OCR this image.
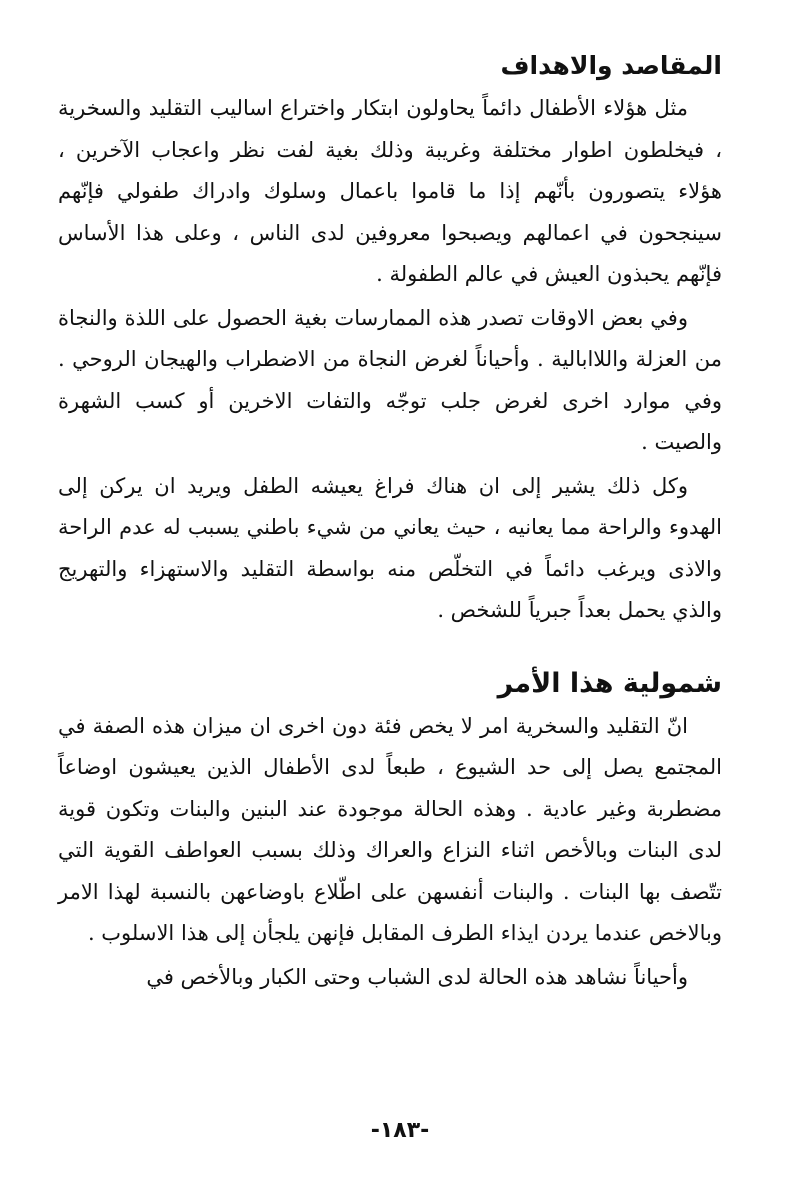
المقاصد والاهداف

مثل هؤلاء الأطفال دائماً يحاولون ابتكار واختراع اساليب التقليد والسخرية ، فيخلطون اطوار مختلفة وغريبة وذلك بغية لفت نظر واعجاب الآخرين ، هؤلاء يتصورون بأنّهم إذا ما قاموا باعمال وسلوك وادراك طفولي فإنّهم سينجحون في اعمالهم ويصبحوا معروفين لدى الناس ، وعلى هذا الأساس فإنّهم يحبذون العيش في عالم الطفولة .

وفي بعض الاوقات تصدر هذه الممارسات بغية الحصول على اللذة والنجاة من العزلة واللاابالية . وأحياناً لغرض النجاة من الاضطراب والهيجان الروحي . وفي موارد اخرى لغرض جلب توجّه والتفات الاخرين أو كسب الشهرة والصيت .

وكل ذلك يشير إلى ان هناك فراغ يعيشه الطفل ويريد ان يركن إلى الهدوء والراحة مما يعانيه ، حيث يعاني من شيء باطني يسبب له عدم الراحة والاذى ويرغب دائماً في التخلّص منه بواسطة التقليد والاستهزاء والتهريج والذي يحمل بعداً جبرياً للشخص .

شمولية هذا الأمر

انّ التقليد والسخرية امر لا يخص فئة دون اخرى ان ميزان هذه الصفة في المجتمع يصل إلى حد الشيوع ، طبعاً لدى الأطفال الذين يعيشون اوضاعاً مضطربة وغير عادية . وهذه الحالة موجودة عند البنين والبنات وتكون قوية لدى البنات وبالأخص اثناء النزاع والعراك وذلك بسبب العواطف القوية التي تتّصف بها البنات . والبنات أنفسهن على اطّلاع باوضاعهن بالنسبة لهذا الامر وبالاخص عندما يردن ايذاء الطرف المقابل فإنهن يلجأن إلى هذا الاسلوب .

وأحياناً نشاهد هذه الحالة لدى الشباب وحتى الكبار وبالأخص في

-١٨٣-
